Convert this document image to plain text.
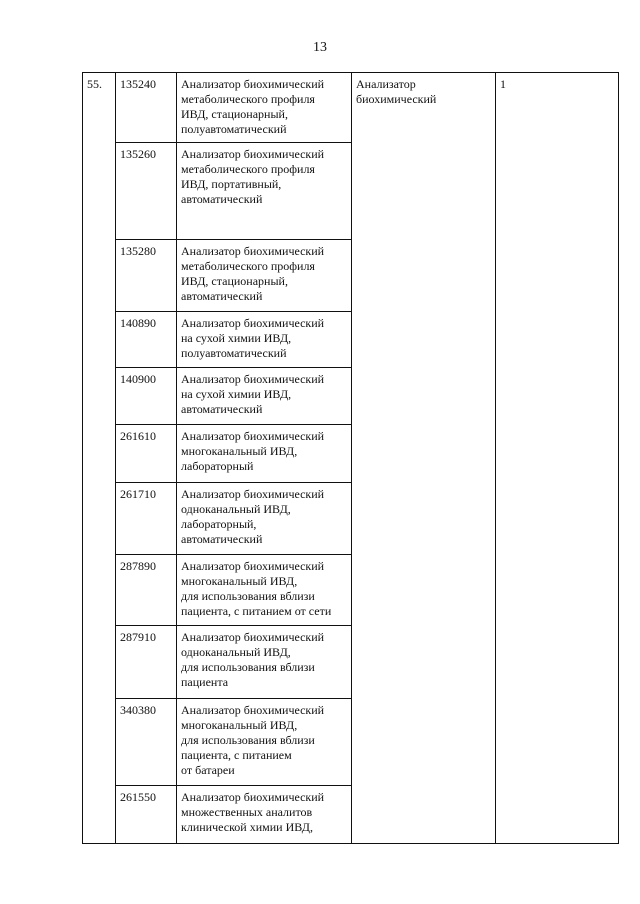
13
55.	135240	Анализатор биохимический
метаболического профиля
ИВД, стационарный,
полуавтоматический	Анализатор
биохимический	1
	135260	Анализатор биохимический
метаболического профиля
ИВД, портативный,
автоматический		
	135280	Анализатор биохимический
метаболического профиля
ИВД, стационарный,
автоматический		
	140890	Анализатор биохимический
на сухой химии ИВД,
полуавтоматический		
	140900	Анализатор биохимический
на сухой химии ИВД,
автоматический		
	261610	Анализатор биохимический
многоканальный ИВД,
лабораторный		
	261710	Анализатор биохимический
одноканальный ИВД,
лабораторный,
автоматический		
	287890	Анализатор биохимический
многоканальный ИВД,
для использования вблизи
пациента, с питанием от сети		
	287910	Анализатор биохимический
одноканальный ИВД,
для использования вблизи
пациента		
	340380	Анализатор бнохимический
многоканальный ИВД,
для использования вблизи
пациента, с питанием
от батареи		
	261550	Анализатор биохимический
множественных аналитов
клинической химии ИВД,		
